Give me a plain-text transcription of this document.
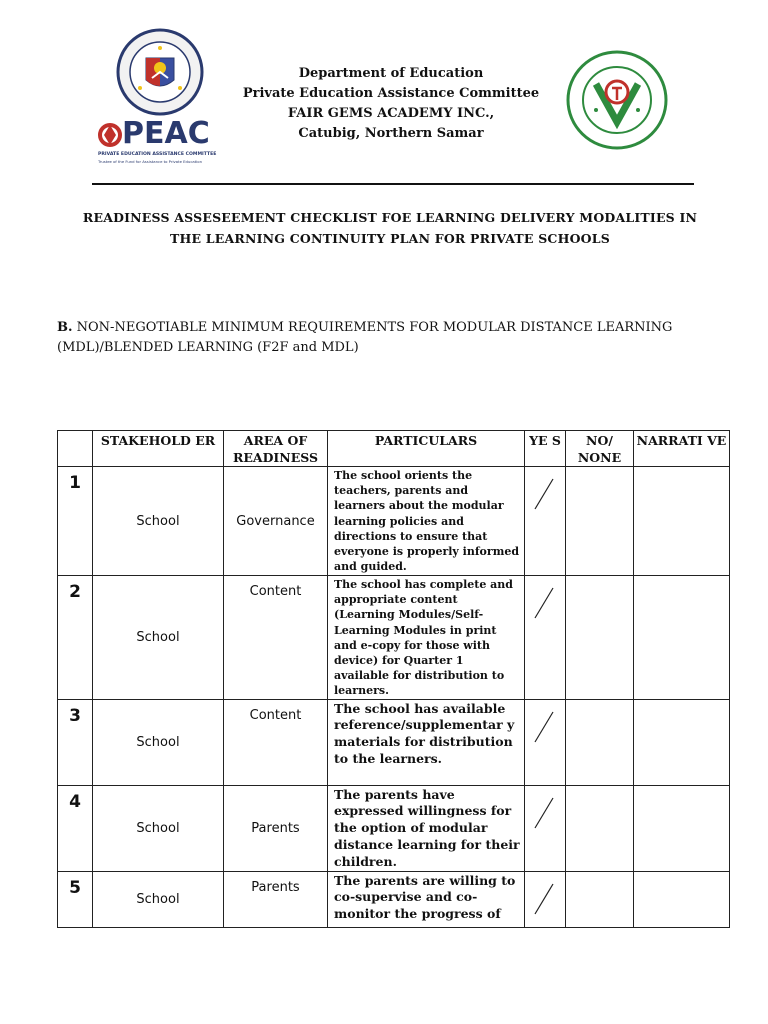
PEAC
PRIVATE EDUCATION ASSISTANCE COMMITTEE
Trustee of the Fund for Assistance to Private Education
Department of Education
Private Education Assistance Committee
FAIR GEMS ACADEMY INC.,
Catubig, Northern Samar
READINESS ASSESEEMENT CHECKLIST FOE LEARNING DELIVERY MODALITIES IN
THE LEARNING CONTINUITY PLAN FOR PRIVATE SCHOOLS
B. NON-NEGOTIABLE MINIMUM REQUIREMENTS FOR MODULAR DISTANCE LEARNING (MDL)/BLENDED LEARNING (F2F and MDL)
	STAKEHOLD ER	AREA OF READINESS	PARTICULARS	YE S	NO/ NONE	NARRATI VE
1	School	Governance	The school orients the teachers, parents and learners about the modular learning policies and directions to ensure that everyone is properly informed and guided.	

2	School	Content	The school has complete and appropriate content (Learning Modules/Self-Learning Modules in print and e-copy for those with device) for Quarter 1 available for distribution to learners.	

3	School	Content	The school has available reference/supplementar y materials for distribution to the learners.	

4	School	Parents	The parents have expressed willingness for the option of modular distance learning for their children.	

5	School	Parents	The parents are willing to co-supervise and co-monitor the progress of	
